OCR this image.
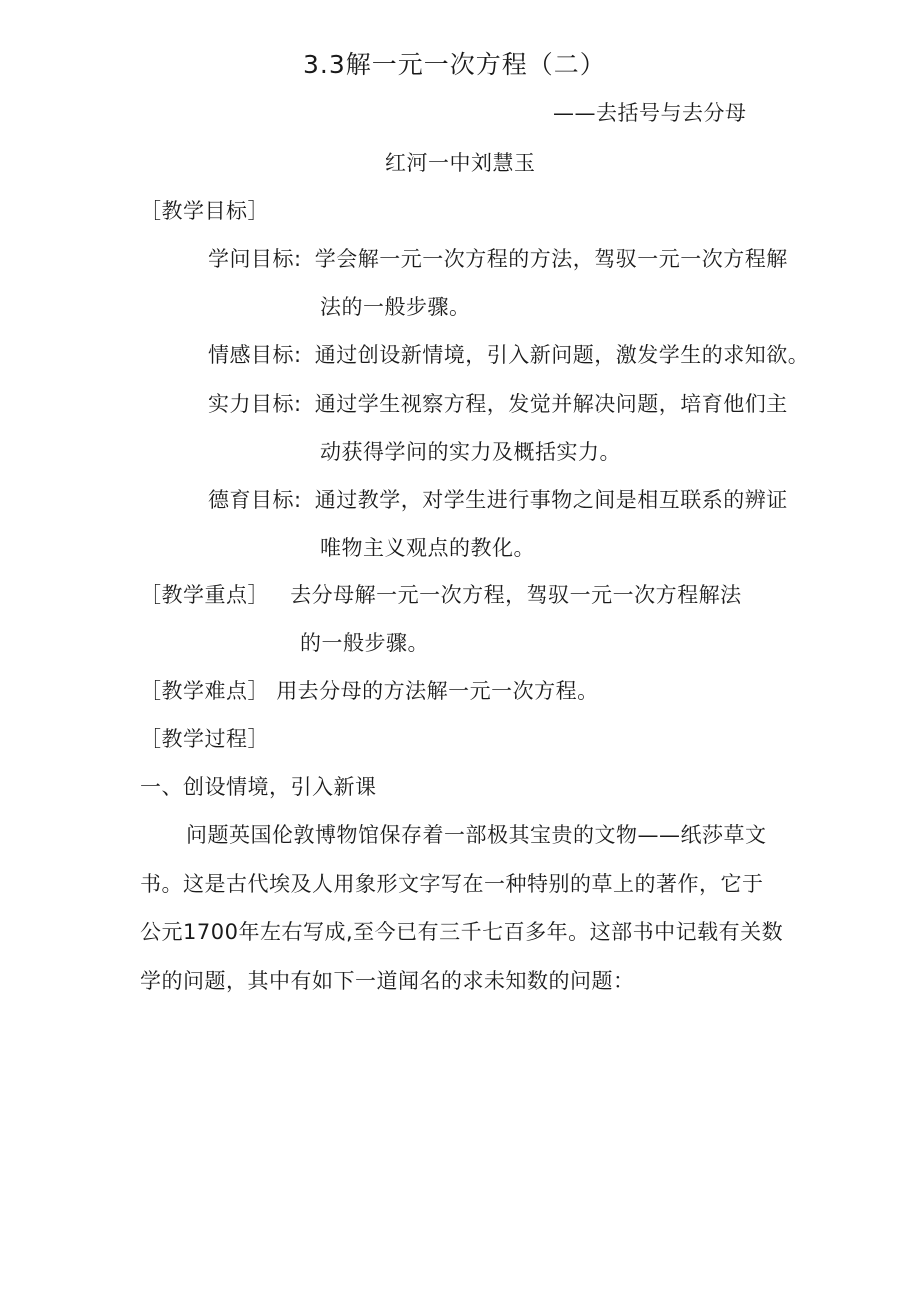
3.3解一元一次方程（二）
——去括号与去分母
红河一中刘慧玉
［教学目标］
学问目标: 学会解一元一次方程的方法，驾驭一元一次方程解
法的一般步骤。
情感目标: 通过创设新情境，引入新问题，激发学生的求知欲。
实力目标: 通过学生视察方程，发觉并解决问题，培育他们主
动获得学问的实力及概括实力。
德育目标: 通过教学，对学生进行事物之间是相互联系的辨证
唯物主义观点的教化。
［教学重点］ 去分母解一元一次方程，驾驭一元一次方程解法
的一般步骤。
［教学难点］ 用去分母的方法解一元一次方程。
［教学过程］
一、创设情境，引入新课
问题英国伦敦博物馆保存着一部极其宝贵的文物——纸莎草文
书。这是古代埃及人用象形文字写在一种特别的草上的著作，它于
公元1700年左右写成,至今已有三千七百多年。这部书中记载有关数
学的问题，其中有如下一道闻名的求未知数的问题：
